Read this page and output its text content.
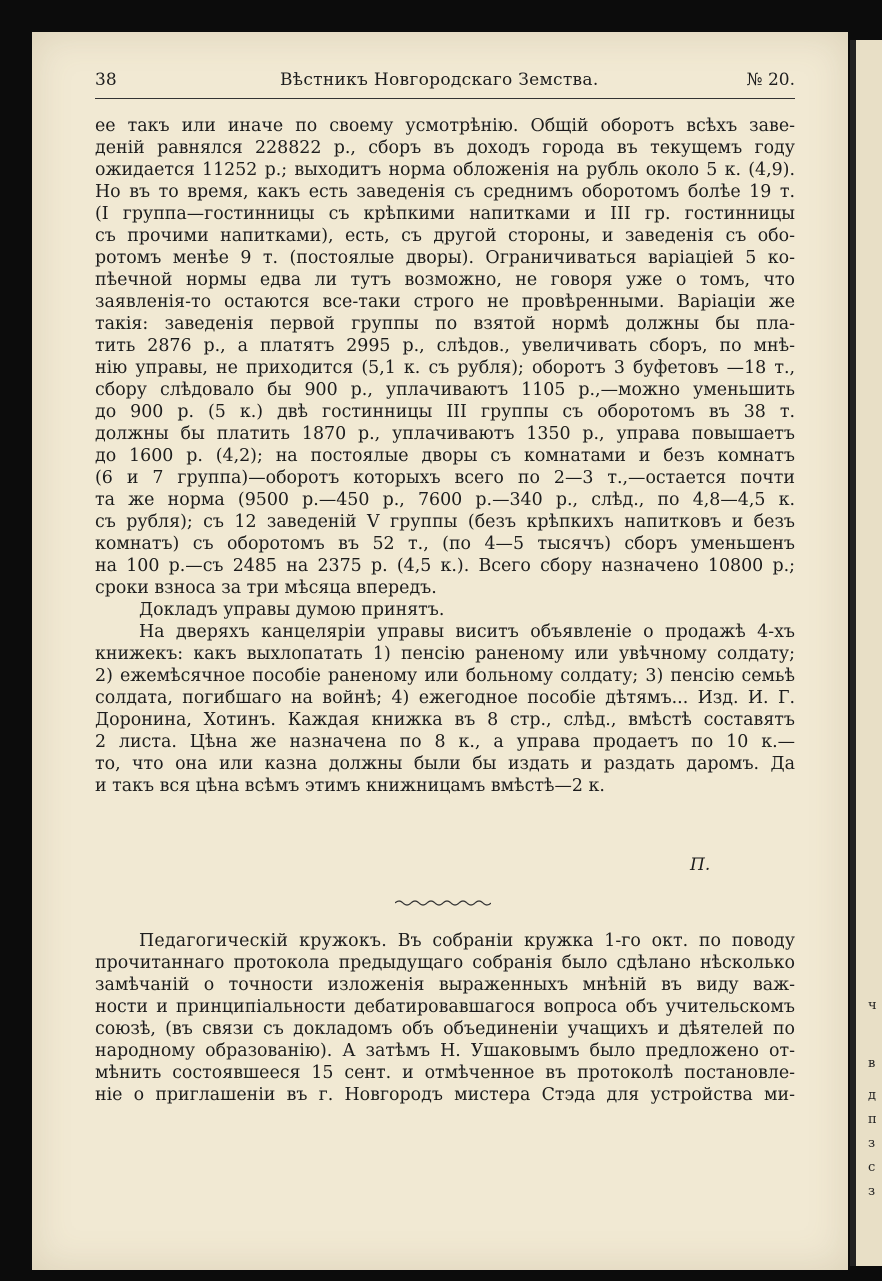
ч
в
д
п
з
с
з
38	Вѣстникъ Новгородскаго Земства.	№ 20.

ее такъ или иначе по своему усмотрѣнію. Общій оборотъ всѣхъ заве-
деній равнялся 228822 р., сборъ въ доходъ города въ текущемъ году
ожидается 11252 р.; выходитъ норма обложенія на рубль около 5 к. (4,9).
Но въ то время, какъ есть заведенія съ среднимъ оборотомъ болѣе 19 т.
(I группа—гостинницы съ крѣпкими напитками и III гр. гостинницы
съ прочими напитками), есть, съ другой стороны, и заведенія съ обо-
ротомъ менѣе 9 т. (постоялые дворы). Ограничиваться варіаціей 5 ко-
пѣечной нормы едва ли тутъ возможно, не говоря уже о томъ, что
заявленія-то остаются все-таки строго не провѣренными. Варіаціи же
такія: заведенія первой группы по взятой нормѣ должны бы пла-
тить 2876 р., а платятъ 2995 р., слѣдов., увеличивать сборъ, по мнѣ-
нію управы, не приходится (5,1 к. съ рубля); оборотъ 3 буфетовъ —18 т.,
сбору слѣдовало бы 900 р., уплачиваютъ 1105 р.,—можно уменьшить
до 900 р. (5 к.) двѣ гостинницы III группы съ оборотомъ въ 38 т.
должны бы платить 1870 р., уплачиваютъ 1350 р., управа повышаетъ
до 1600 р. (4,2); на постоялые дворы съ комнатами и безъ комнатъ
(6 и 7 группа)—оборотъ которыхъ всего по 2—3 т.,—остается почти
та же норма (9500 р.—450 р., 7600 р.—340 р., слѣд., по 4,8—4,5 к.
съ рубля); съ 12 заведеній V группы (безъ крѣпкихъ напитковъ и безъ
комнатъ) съ оборотомъ въ 52 т., (по 4—5 тысячъ) сборъ уменьшенъ
на 100 р.—съ 2485 на 2375 р. (4,5 к.). Всего сбору назначено 10800 р.;
сроки взноса за три мѣсяца впередъ.

Докладъ управы думою принятъ.

На дверяхъ канцеляріи управы виситъ объявленіе о продажѣ 4-хъ
книжекъ: какъ выхлопатать 1) пенсію раненому или увѣчному солдату;
2) ежемѣсячное пособіе раненому или больному солдату; 3) пенсію семьѣ
солдата, погибшаго на войнѣ; 4) ежегодное пособіе дѣтямъ... Изд. И. Г.
Доронина, Хотинъ. Каждая книжка въ 8 стр., слѣд., вмѣстѣ составятъ
2 листа. Цѣна же назначена по 8 к., а управа продаетъ по 10 к.—
то, что она или казна должны были бы издать и раздать даромъ. Да
и такъ вся цѣна всѣмъ этимъ книжницамъ вмѣстѣ—2 к.

П.

Педагогическій кружокъ. Въ собраніи кружка 1-го окт. по поводу
прочитаннаго протокола предыдущаго собранія было сдѣлано нѣсколько
замѣчаній о точности изложенія выраженныхъ мнѣній въ виду важ-
ности и принципіальности дебатировавшагося вопроса объ учительскомъ
союзѣ, (въ связи съ докладомъ объ объединеніи учащихъ и дѣятелей по
народному образованію). А затѣмъ Н. Ушаковымъ было предложено от-
мѣнить состоявшееся 15 сент. и отмѣченное въ протоколѣ постановле-
ніе о приглашеніи въ г. Новгородъ мистера Стэда для устройства ми-
